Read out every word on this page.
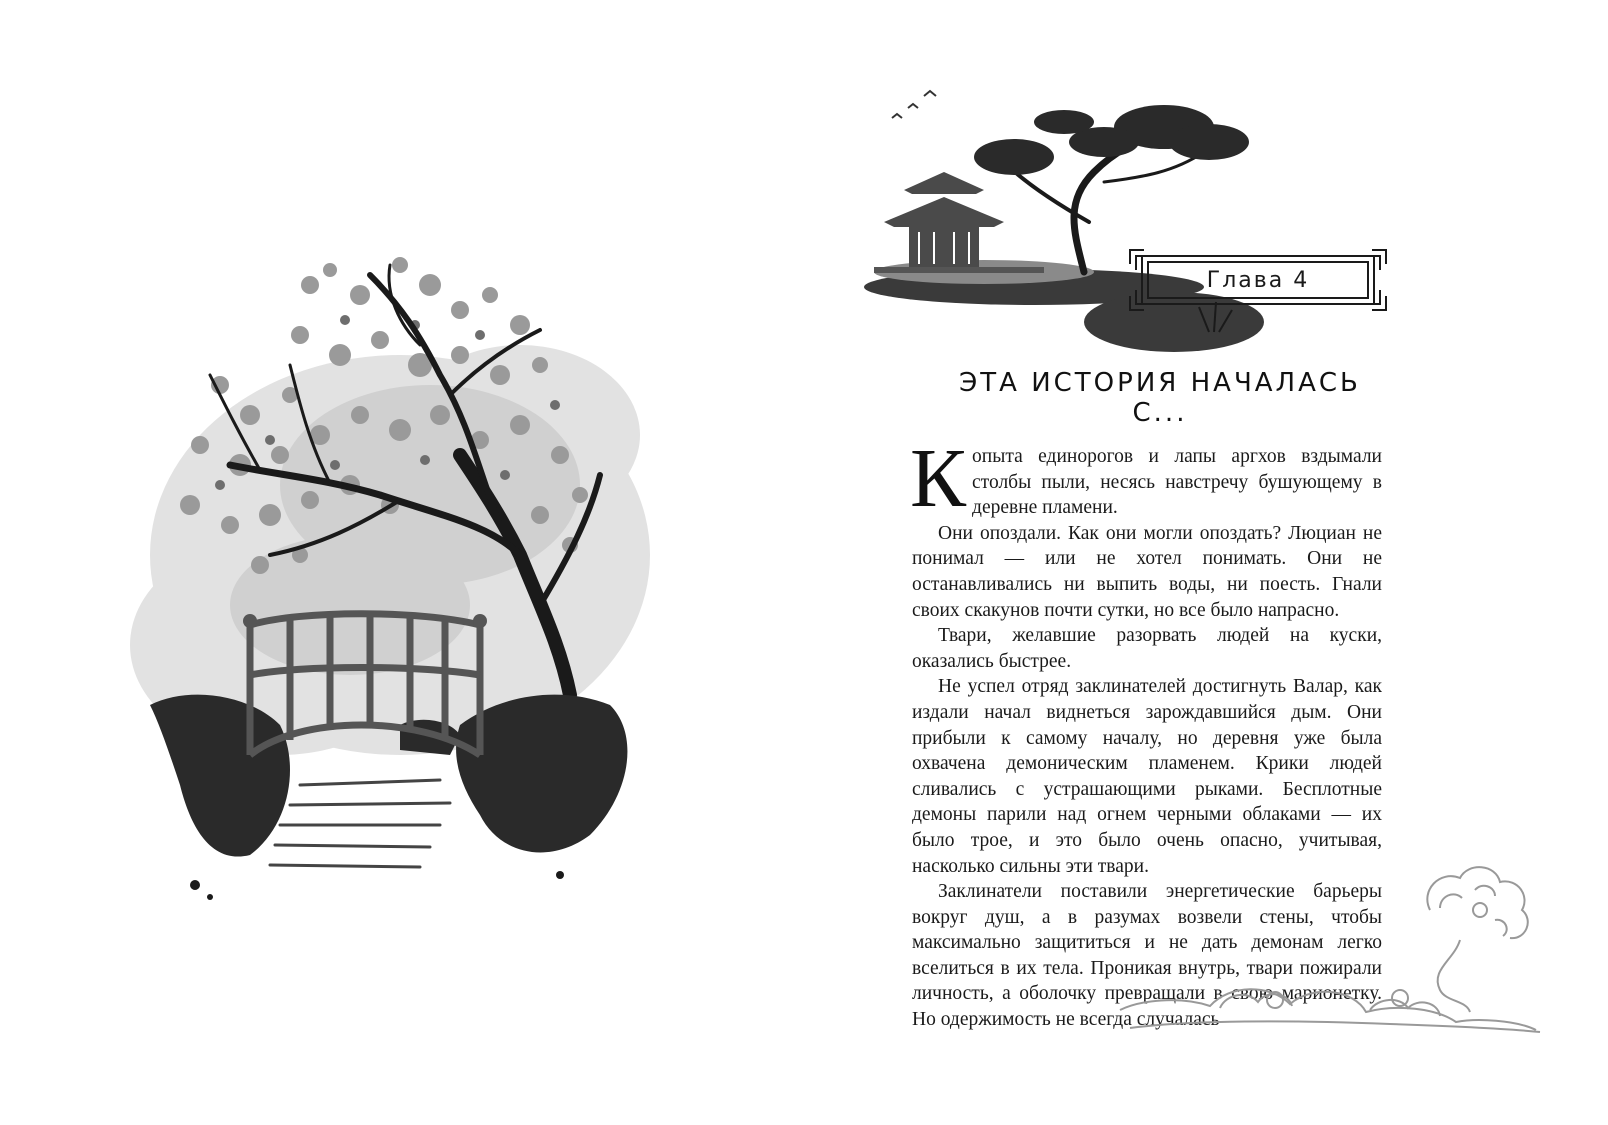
Глава 4
ЭТА ИСТОРИЯ НАЧАЛАСЬ С...

Копыта единорогов и лапы аргхов вздымали столбы пыли, несясь навстречу бушующему в деревне пламени.

Они опоздали. Как они могли опоздать? Люциан не понимал — или не хотел понимать. Они не останавливались ни выпить воды, ни поесть. Гнали своих скакунов почти сутки, но все было напрасно.

Твари, желавшие разорвать людей на куски, оказались быстрее.

Не успел отряд заклинателей достигнуть Валар, как издали начал виднеться зарождавшийся дым. Они прибыли к самому началу, но деревня уже была охвачена демоническим пламенем. Крики людей сливались с устрашающими рыками. Бесплотные демоны парили над огнем черными облаками — их было трое, и это было очень опасно, учитывая, насколько сильны эти твари.

Заклинатели поставили энергетические барьеры вокруг душ, а в разумах возвели стены, чтобы максимально защититься и не дать демонам легко вселиться в их тела. Проникая внутрь, твари пожирали личность, а оболочку превращали в свою марионетку. Но одержимость не всегда случалась
